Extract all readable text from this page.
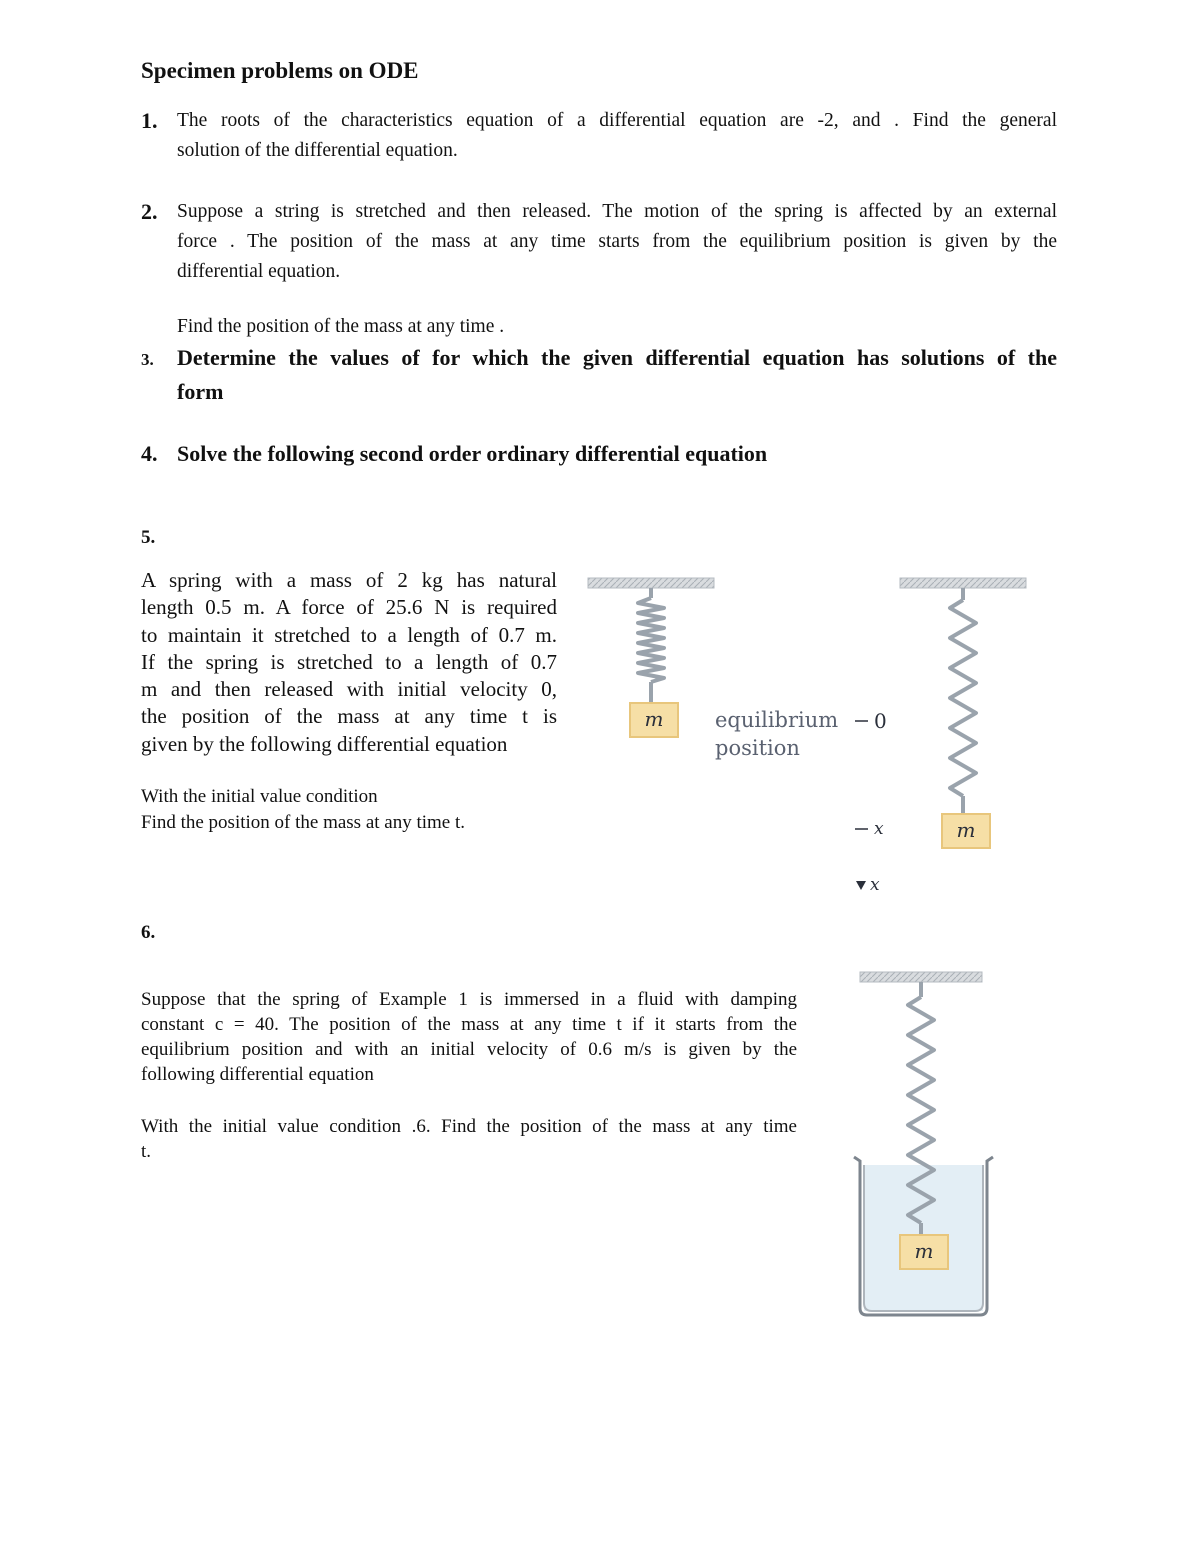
Specimen problems on ODE
1. The roots of the characteristics equation of a differential equation are -2, and . Find the general
solution of the differential equation.
2. Suppose a string is stretched and then released. The motion of the spring is affected by an external
force . The position of the mass at any time starts from the equilibrium position is given by the
differential equation.
Find the position of the mass at any time .
3. Determine the values of for which the given differential equation has solutions of the
form
4. Solve the following second order ordinary differential equation
5.
A spring with a mass of 2 kg has natural
length 0.5 m. A force of 25.6 N is required
to maintain it stretched to a length of 0.7 m.
If the spring is stretched to a length of 0.7
m and then released with initial velocity 0,
the position of the mass at any time t is
given by the following differential equation
With the initial value condition
Find the position of the mass at any time t.
m equilibrium
position
0
x
x
m
6.
Suppose that the spring of Example 1 is immersed in a fluid with damping
constant c = 40. The position of the mass at any time t if it starts from the
equilibrium position and with an initial velocity of 0.6 m/s is given by the
following differential equation
With the initial value condition .6. Find the position of the mass at any time
t.
m
